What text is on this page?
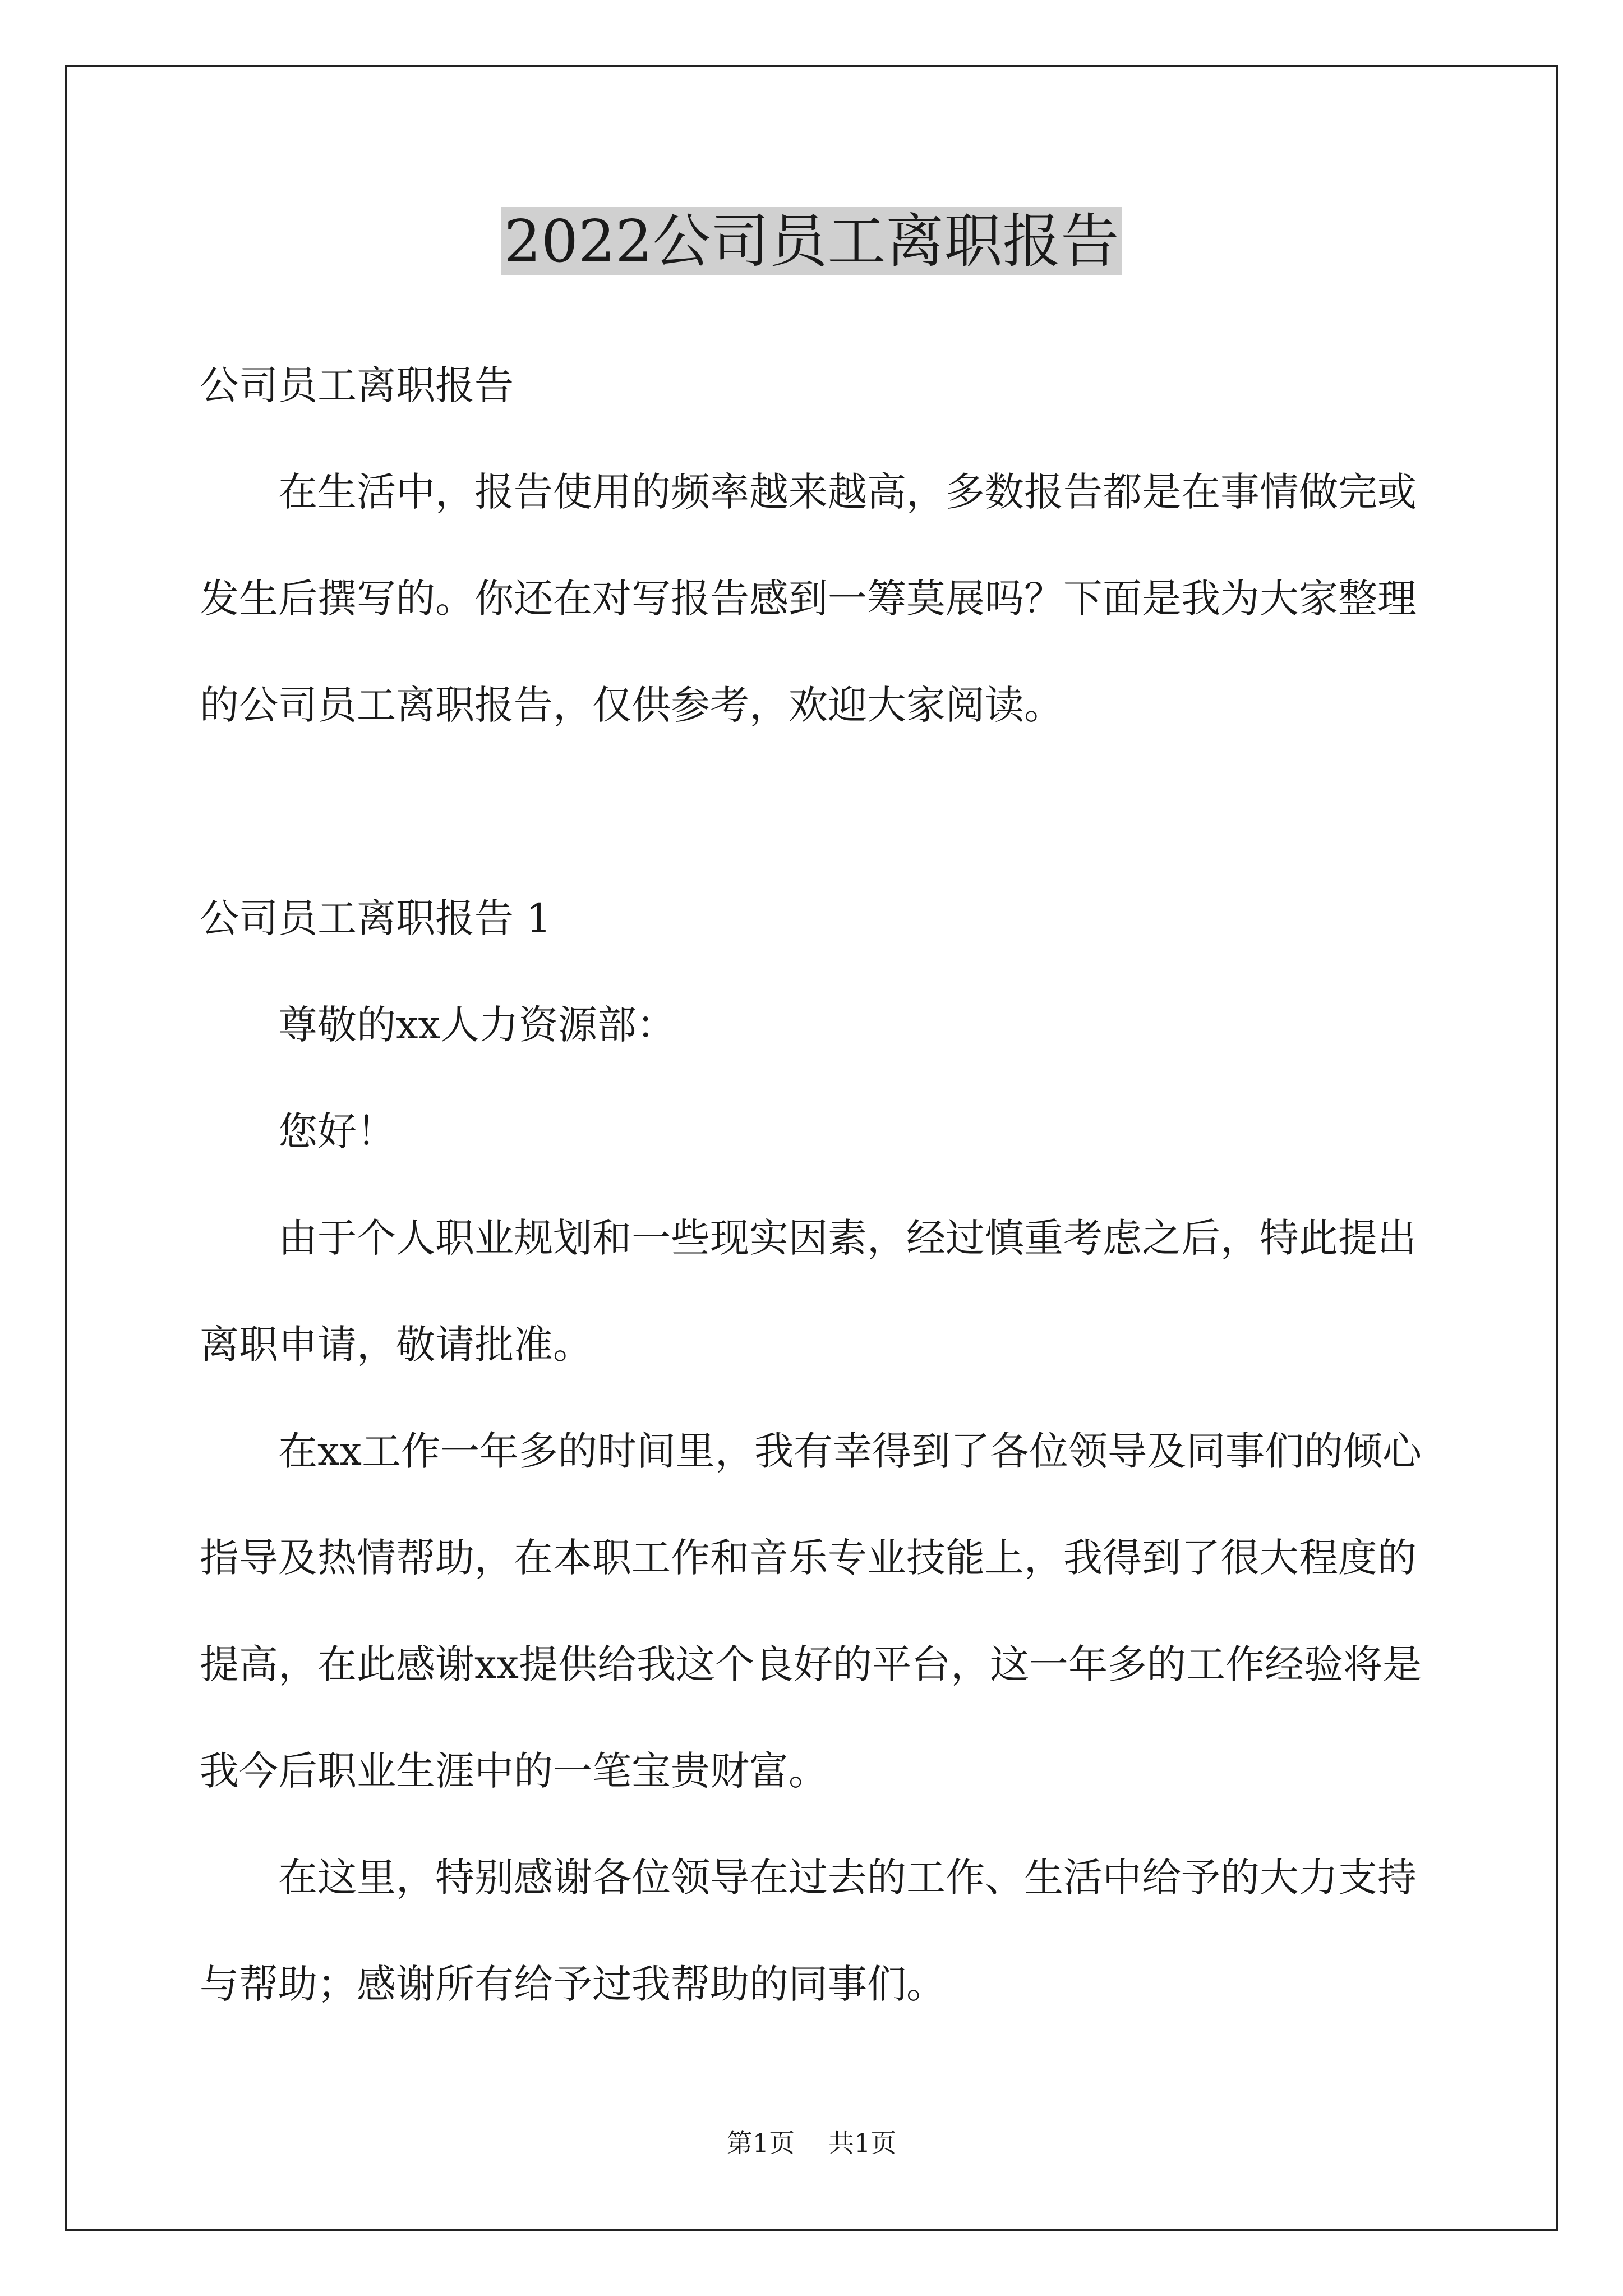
2022公司员工离职报告

公司员工离职报告

在生活中，报告使用的频率越来越高，多数报告都是在事情做完或发生后撰写的。你还在对写报告感到一筹莫展吗？下面是我为大家整理的公司员工离职报告，仅供参考，欢迎大家阅读。

公司员工离职报告 1

尊敬的xx人力资源部：

您好！

由于个人职业规划和一些现实因素，经过慎重考虑之后，特此提出离职申请，敬请批准。

在xx工作一年多的时间里，我有幸得到了各位领导及同事们的倾心指导及热情帮助，在本职工作和音乐专业技能上，我得到了很大程度的提高，在此感谢xx提供给我这个良好的平台，这一年多的工作经验将是我今后职业生涯中的一笔宝贵财富。

在这里，特别感谢各位领导在过去的工作、生活中给予的大力支持与帮助；感谢所有给予过我帮助的同事们。

第1页 共1页
